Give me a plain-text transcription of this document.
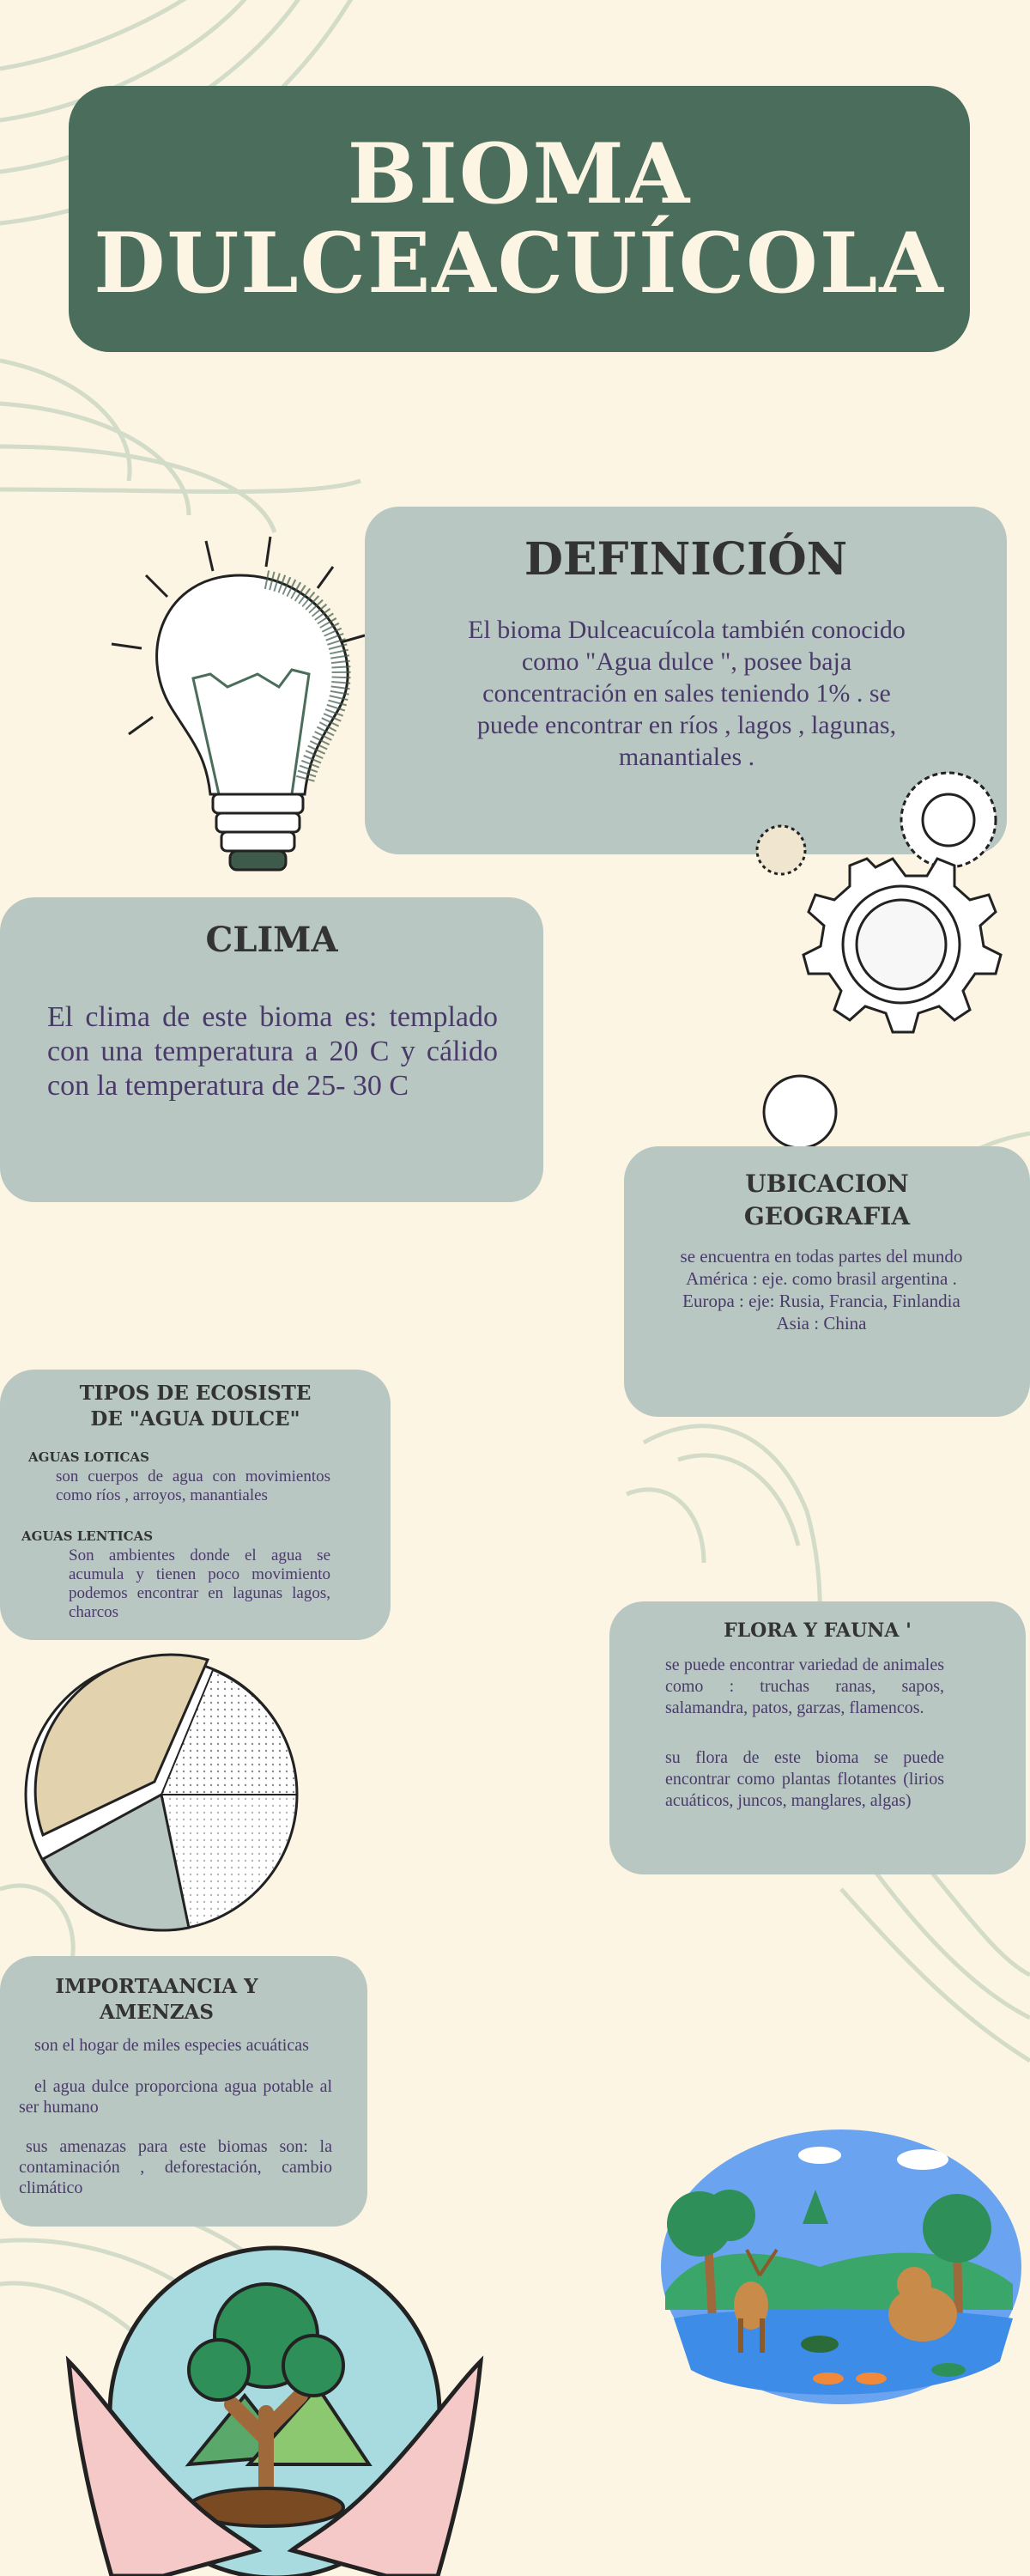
BIOMA
DULCEACUÍCOLA
DEFINICIÓN
El bioma Dulceacuícola también conocido como "Agua dulce ", posee baja concentración en sales teniendo 1% . se puede encontrar en ríos , lagos , lagunas, manantiales .
CLIMA
El clima de este bioma es: templado con una temperatura a 20 C y cálido con la temperatura de 25- 30 C
UBICACION
GEOGRAFIA
se encuentra en todas partes del mundo
América : eje. como brasil argentina .
Europa : eje: Rusia, Francia, Finlandia
Asia : China
TIPOS DE ECOSISTE
DE "AGUA DULCE"
AGUAS LOTICAS
son cuerpos de agua con movimientos como ríos , arroyos, manantiales
AGUAS LENTICAS
Son ambientes donde el agua se acumula y tienen poco movimiento podemos encontrar en lagunas lagos, charcos
FLORA Y FAUNA '
se puede encontrar variedad de animales como : truchas ranas, sapos, salamandra, patos, garzas, flamencos.
su flora de este bioma se puede encontrar como plantas flotantes (lirios acuáticos, juncos, manglares, algas)
IMPORTAANCIA Y
AMENZAS
son el hogar de miles especies acuáticas
el agua dulce proporciona agua potable al ser humano
sus amenazas para este biomas son: la contaminación , deforestación, cambio climático
